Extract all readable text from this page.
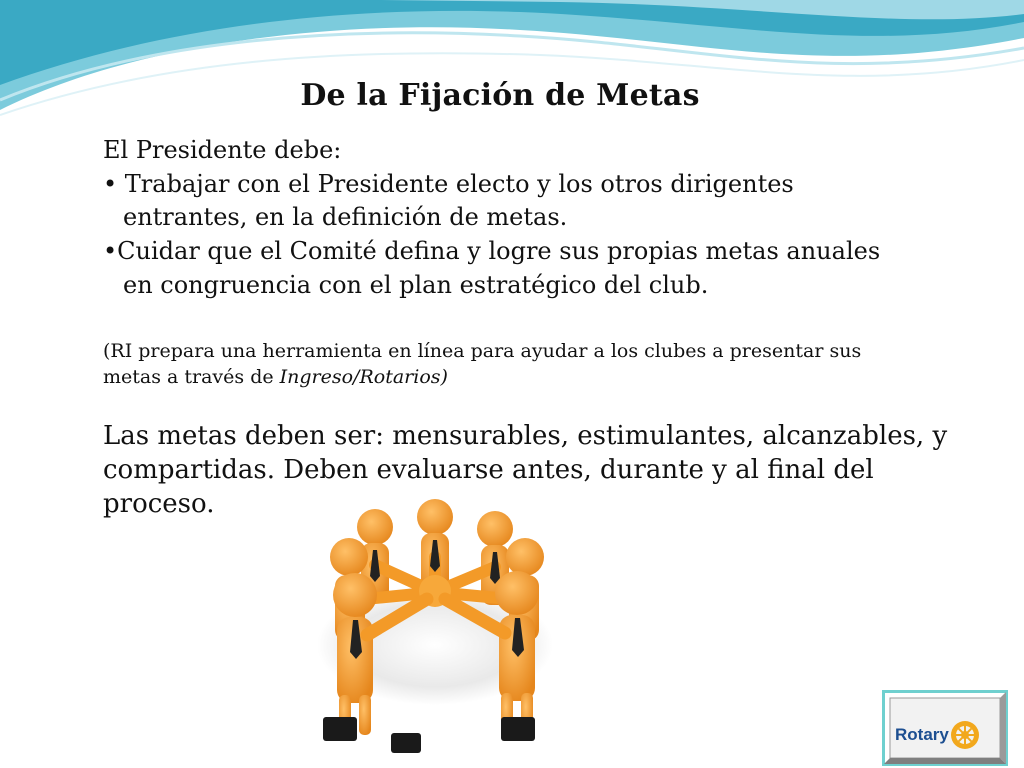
De la Fijación de Metas
El Presidente debe:
• Trabajar con el Presidente electo y los otros dirigentes
entrantes, en la definición de metas.
•Cuidar que el Comité defina y logre sus propias metas anuales
en congruencia con el plan estratégico del club.
(RI prepara una herramienta en línea para ayudar a los clubes a presentar sus
metas a través de Ingreso/Rotarios)
Las metas deben ser: mensurables, estimulantes, alcanzables, y
compartidas. Deben evaluarse antes, durante y al final del
proceso.
Rotary
